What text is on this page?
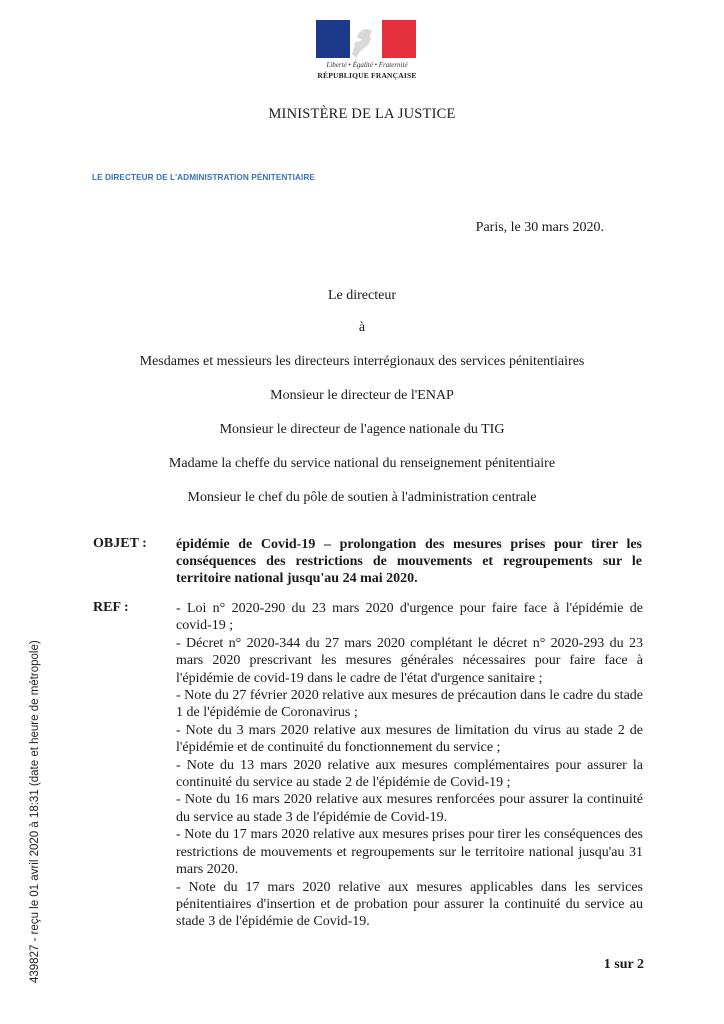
Liberté • Égalité • Fraternité
RÉPUBLIQUE FRANÇAISE
MINISTÈRE DE LA JUSTICE
LE DIRECTEUR DE L'ADMINISTRATION PÉNITENTIAIRE
Paris, le 30 mars 2020.
Le directeur
à
Mesdames et messieurs les directeurs interrégionaux des services pénitentiaires
Monsieur le directeur de l'ENAP
Monsieur le directeur de l'agence nationale du TIG
Madame la cheffe du service national du renseignement pénitentiaire
Monsieur le chef du pôle de soutien à l'administration centrale
OBJET : épidémie de Covid-19 – prolongation des mesures prises pour tirer les conséquences des restrictions de mouvements et regroupements sur le territoire national jusqu'au 24 mai 2020.
REF :	- Loi n° 2020-290 du 23 mars 2020 d'urgence pour faire face à l'épidémie de covid-19 ;

- Décret n° 2020-344 du 27 mars 2020 complétant le décret n° 2020-293 du 23 mars 2020 prescrivant les mesures générales nécessaires pour faire face à l'épidémie de covid-19 dans le cadre de l'état d'urgence sanitaire ;

- Note du 27 février 2020 relative aux mesures de précaution dans le cadre du stade 1 de l'épidémie de Coronavirus ;

- Note du 3 mars 2020 relative aux mesures de limitation du virus au stade 2 de l'épidémie et de continuité du fonctionnement du service ;

- Note du 13 mars 2020 relative aux mesures complémentaires pour assurer la continuité du service au stade 2 de l'épidémie de Covid-19 ;

- Note du 16 mars 2020 relative aux mesures renforcées pour assurer la continuité du service au stade 3 de l'épidémie de Covid-19.

- Note du 17 mars 2020 relative aux mesures prises pour tirer les conséquences des restrictions de mouvements et regroupements sur le territoire national jusqu'au 31 mars 2020.

- Note du 17 mars 2020 relative aux mesures applicables dans les services pénitentiaires d'insertion et de probation pour assurer la continuité du service au stade 3 de l'épidémie de Covid-19.

439827 - reçu le 01 avril 2020 à 18:31 (date et heure de métropole)	1 sur 2
